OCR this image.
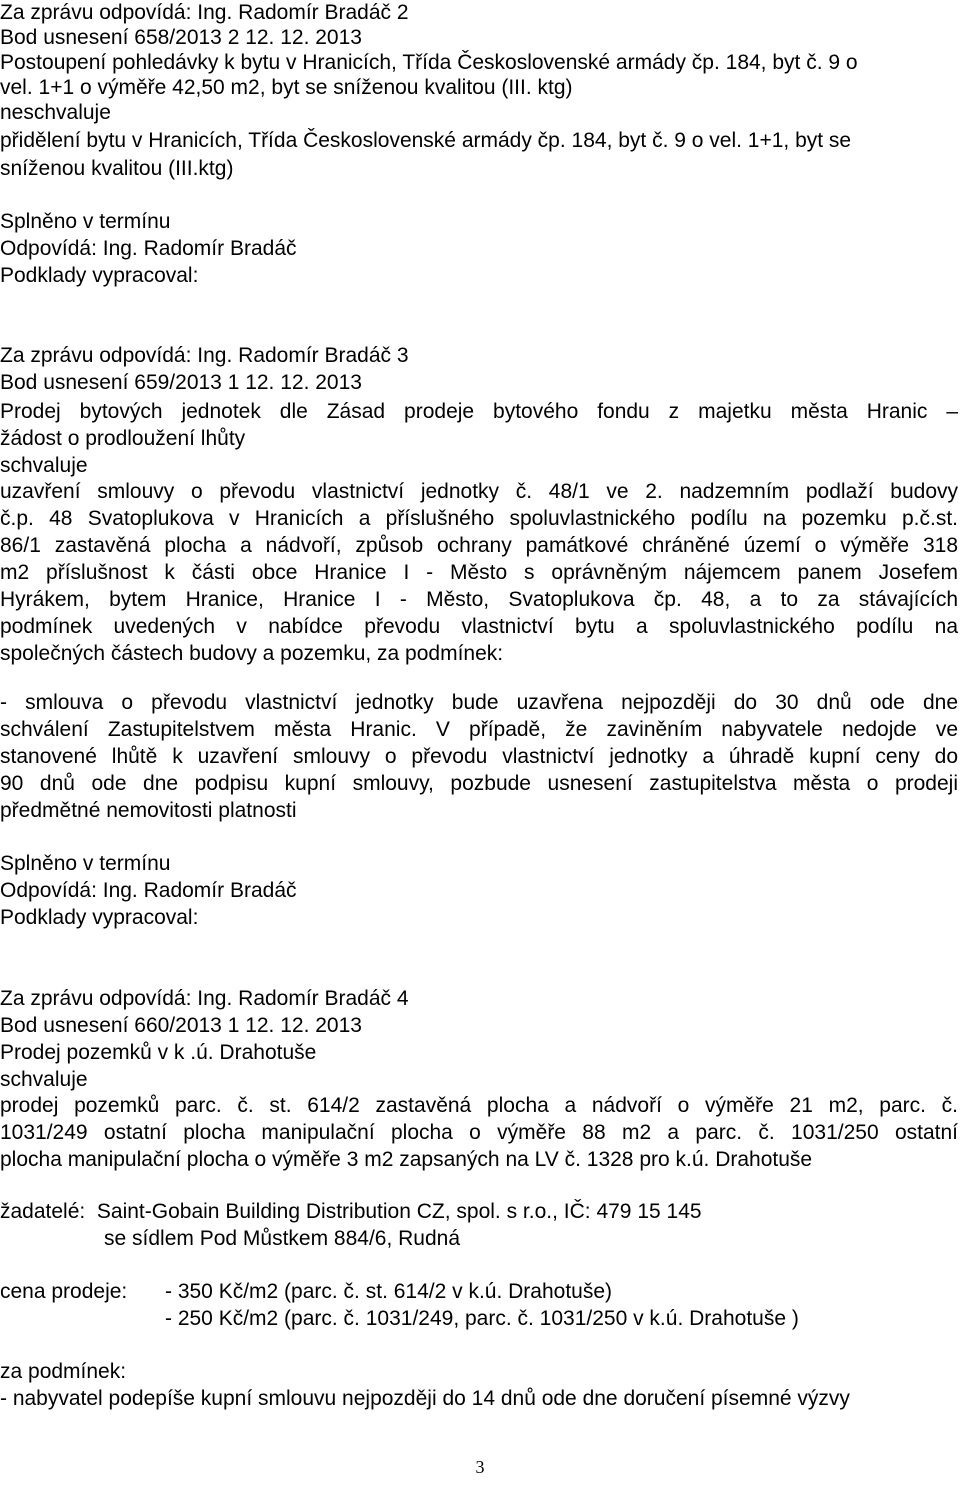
Za zprávu odpovídá: Ing. Radomír Bradáč 2
Bod usnesení 658/2013 2 12. 12. 2013
Postoupení pohledávky k bytu v Hranicích, Třída Československé armády čp. 184, byt č. 9 o
vel. 1+1 o výměře 42,50 m2, byt se sníženou kvalitou (III. ktg)
neschvaluje
přidělení bytu v Hranicích, Třída Československé armády čp. 184, byt č. 9 o vel. 1+1, byt se
sníženou kvalitou (III.ktg)
Splněno v termínu
Odpovídá: Ing. Radomír Bradáč
Podklady vypracoval:
Za zprávu odpovídá: Ing. Radomír Bradáč 3
Bod usnesení 659/2013 1 12. 12. 2013
Prodej bytových jednotek dle Zásad prodeje bytového fondu z majetku města Hranic –
žádost o prodloužení lhůty
schvaluje
uzavření smlouvy o převodu vlastnictví jednotky č. 48/1 ve 2. nadzemním podlaží budovy
č.p. 48 Svatoplukova v Hranicích a příslušného spoluvlastnického podílu na pozemku p.č.st.
86/1 zastavěná plocha a nádvoří, způsob ochrany památkové chráněné území o výměře 318
m2 příslušnost k části obce Hranice I - Město s oprávněným nájemcem panem Josefem
Hyrákem, bytem Hranice, Hranice I - Město, Svatoplukova čp. 48, a to za stávajících
podmínek uvedených v nabídce převodu vlastnictví bytu a spoluvlastnického podílu na
společných částech budovy a pozemku, za podmínek:
- smlouva o převodu vlastnictví jednotky bude uzavřena nejpozději do 30 dnů ode dne
schválení Zastupitelstvem města Hranic. V případě, že zaviněním nabyvatele nedojde ve
stanovené lhůtě k uzavření smlouvy o převodu vlastnictví jednotky a úhradě kupní ceny do
90 dnů ode dne podpisu kupní smlouvy, pozbude usnesení zastupitelstva města o prodeji
předmětné nemovitosti platnosti
Splněno v termínu
Odpovídá: Ing. Radomír Bradáč
Podklady vypracoval:
Za zprávu odpovídá: Ing. Radomír Bradáč 4
Bod usnesení 660/2013 1 12. 12. 2013
Prodej pozemků v k .ú. Drahotuše
schvaluje
prodej pozemků parc. č. st. 614/2 zastavěná plocha a nádvoří o výměře 21 m2, parc. č.
1031/249 ostatní plocha manipulační plocha o výměře 88 m2 a parc. č. 1031/250 ostatní
plocha manipulační plocha o výměře 3 m2 zapsaných na LV č. 1328 pro k.ú. Drahotuše
žadatelé:  Saint-Gobain Building Distribution CZ, spol. s r.o., IČ: 479 15 145
se sídlem Pod Můstkem 884/6, Rudná
cena prodeje: - 350 Kč/m2 (parc. č. st. 614/2 v k.ú. Drahotuše)
- 250 Kč/m2 (parc. č. 1031/249, parc. č. 1031/250 v k.ú. Drahotuše )
za podmínek:
- nabyvatel podepíše kupní smlouvu nejpozději do 14 dnů ode dne doručení písemné výzvy
3
